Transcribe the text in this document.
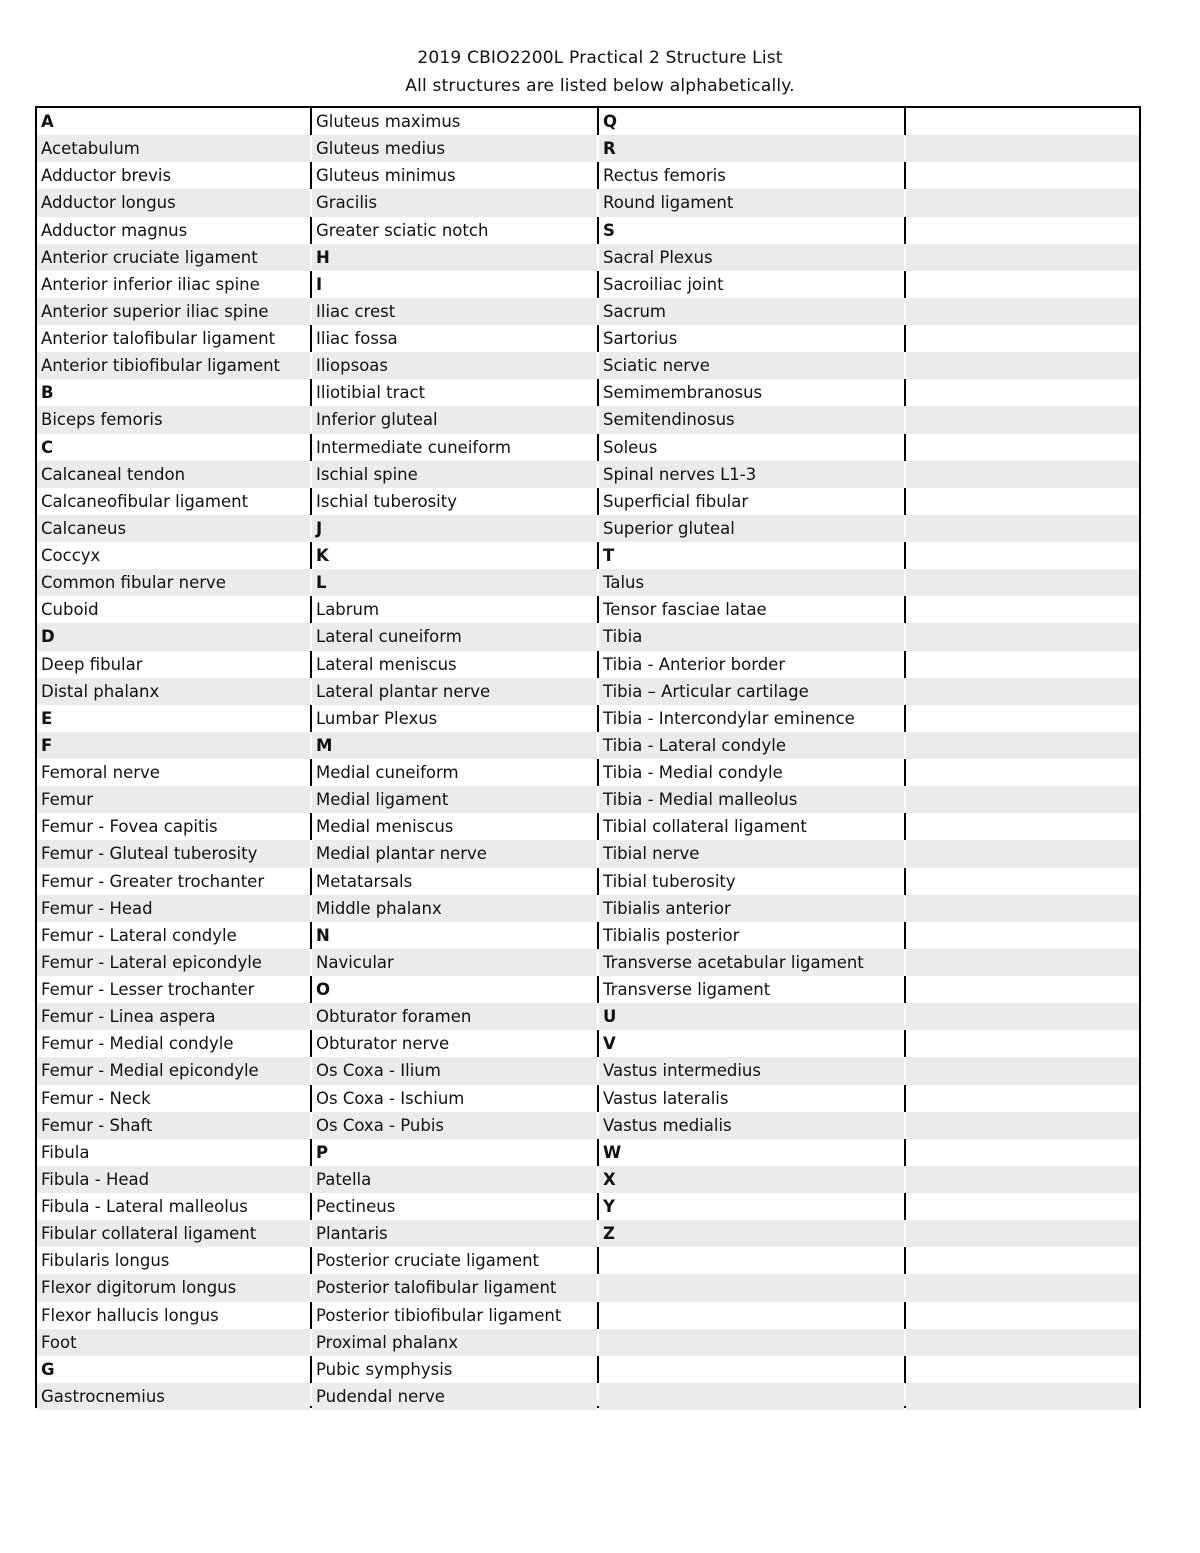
2019 CBIO2200L Practical 2 Structure List
All structures are listed below alphabetically.
A	Gluteus maximus	Q	
Acetabulum	Gluteus medius	R	
Adductor brevis	Gluteus minimus	Rectus femoris	
Adductor longus	Gracilis	Round ligament	
Adductor magnus	Greater sciatic notch	S	
Anterior cruciate ligament	H	Sacral Plexus	
Anterior inferior iliac spine	I	Sacroiliac joint	
Anterior superior iliac spine	Iliac crest	Sacrum	
Anterior talofibular ligament	Iliac fossa	Sartorius	
Anterior tibiofibular ligament	Iliopsoas	Sciatic nerve	
B	Iliotibial tract	Semimembranosus	
Biceps femoris	Inferior gluteal	Semitendinosus	
C	Intermediate cuneiform	Soleus	
Calcaneal tendon	Ischial spine	Spinal nerves L1-3	
Calcaneofibular ligament	Ischial tuberosity	Superficial fibular	
Calcaneus	J	Superior gluteal	
Coccyx	K	T	
Common fibular nerve	L	Talus	
Cuboid	Labrum	Tensor fasciae latae	
D	Lateral cuneiform	Tibia	
Deep fibular	Lateral meniscus	Tibia - Anterior border	
Distal phalanx	Lateral plantar nerve	Tibia – Articular cartilage	
E	Lumbar Plexus	Tibia - Intercondylar eminence	
F	M	Tibia - Lateral condyle	
Femoral nerve	Medial cuneiform	Tibia - Medial condyle	
Femur	Medial ligament	Tibia - Medial malleolus	
Femur - Fovea capitis	Medial meniscus	Tibial collateral ligament	
Femur - Gluteal tuberosity	Medial plantar nerve	Tibial nerve	
Femur - Greater trochanter	Metatarsals	Tibial tuberosity	
Femur - Head	Middle phalanx	Tibialis anterior	
Femur - Lateral condyle	N	Tibialis posterior	
Femur - Lateral epicondyle	Navicular	Transverse acetabular ligament	
Femur - Lesser trochanter	O	Transverse ligament	
Femur - Linea aspera	Obturator foramen	U	
Femur - Medial condyle	Obturator nerve	V	
Femur - Medial epicondyle	Os Coxa - Ilium	Vastus intermedius	
Femur - Neck	Os Coxa - Ischium	Vastus lateralis	
Femur - Shaft	Os Coxa - Pubis	Vastus medialis	
Fibula	P	W	
Fibula - Head	Patella	X	
Fibula - Lateral malleolus	Pectineus	Y	
Fibular collateral ligament	Plantaris	Z	
Fibularis longus	Posterior cruciate ligament		
Flexor digitorum longus	Posterior talofibular ligament		
Flexor hallucis longus	Posterior tibiofibular ligament		
Foot	Proximal phalanx		
G	Pubic symphysis		
Gastrocnemius	Pudendal nerve		
